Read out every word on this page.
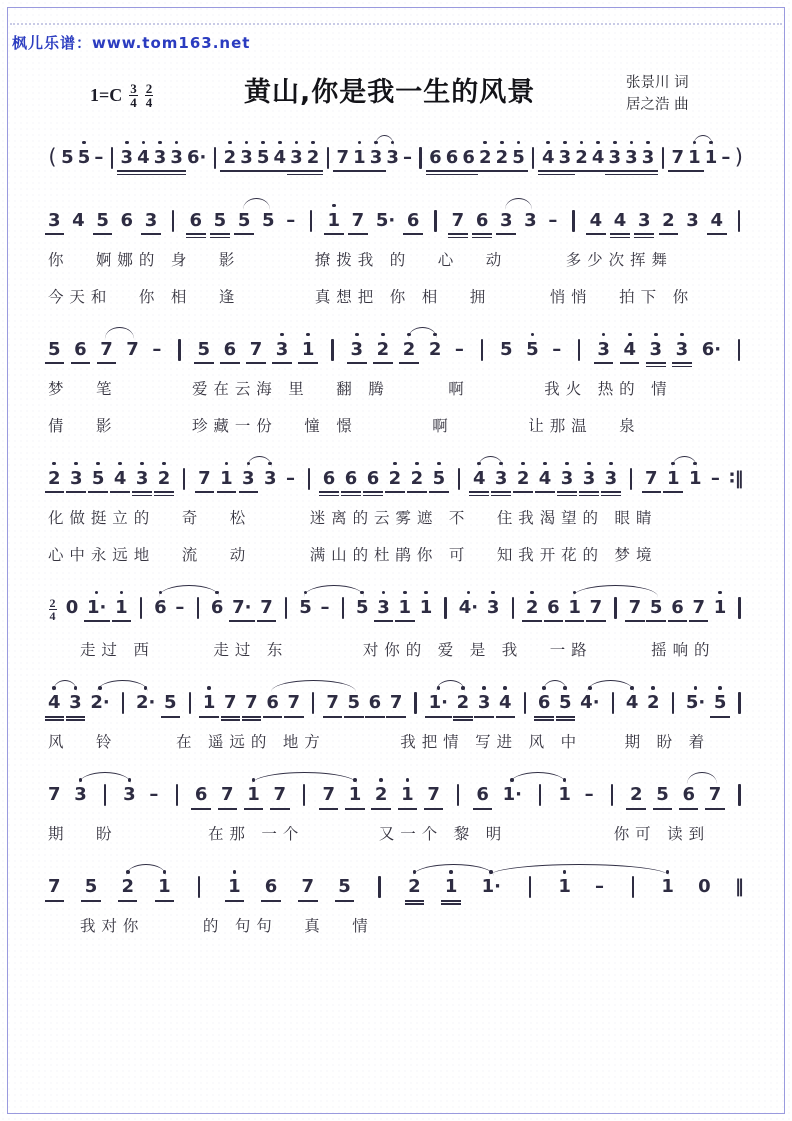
枫儿乐谱：www.tom163.net
$1=C \frac{3}{4} \frac{2}{4}$	黄山,你是我一生的风景	张景川 词
居之浩 曲
( 5 5 – 3 4 3 3 6· 2 3 5 4 3 2 7 1 3 3 – 6 6 6 2 2 5 4 3 2 4 3 3 3 7 1 1 – )
3 4 5 6 3 6 5 5 5 – 1 7 5· 6 7 6 3 3 – 4 4 3 2 3 4
你　　婀 娜 的　身　　影　　　　　撩 拨 我　的　　心　　动　　　　多 少 次 挥 舞
今 天 和　　你　相　　逢　　　　　真 想 把　你　相　　拥　　　　悄 悄　　拍 下　你
5 6 7 7 – 5 6 7 3 1 3 2 2 2 – 5 5 – 3 4 3 3 6·
梦　　笔　　　　　爱 在 云 海　里　　翻　腾　　　　啊　　　　　我 火　热 的　情
倩　　影　　　　　珍 藏 一 份　　憧　憬　　　　　啊　　　　　让 那 温　　泉
2 3 5 4 3 2 7 1 3 3 – 6 6 6 2 2 5 4 3 2 4 3 3 3 7 1 1 – ∶‖
化 做 挺 立 的　　奇　　松　　　　迷 离 的 云 雾 遮　不　　住 我 渴 望 的　眼 睛
心 中 永 远 地　　流　　动　　　　满 山 的 杜 鹃 你　可　　知 我 开 花 的　梦 境
$\frac{2}{4} 0$ 1· 1 6 – 6 7· 7 5 – 5 3 1 1 4· 3 2 6 1 7 7 5 6 7 1
　　走 过　西　　　　走 过　东　　　　　对 你 的　爱　是　我　　一 路　　　　摇 响 的
4 3 2· 2· 5 1 7 7 6 7 7 5 6 7 1· 2 3 4 6 5 4· 4 2 5· 5
风　　铃　　　　在　遥 远 的　地 方　　　　　我 把 情　写 进　风　中　　　期　盼　着
7 3 3 – 6 7 1 7 7 1 2 1 7 6 1· 1 – 2 5 6 7
期　　盼　　　　　　在 那　一 个　　　　　又 一 个　黎　明　　　　　　　你 可　读 到
7 5 2 1	1 6 7 5	2 1 1·	1 –	1 0 ‖
　　我 对 你　　　　的　句 句　　真　　情
